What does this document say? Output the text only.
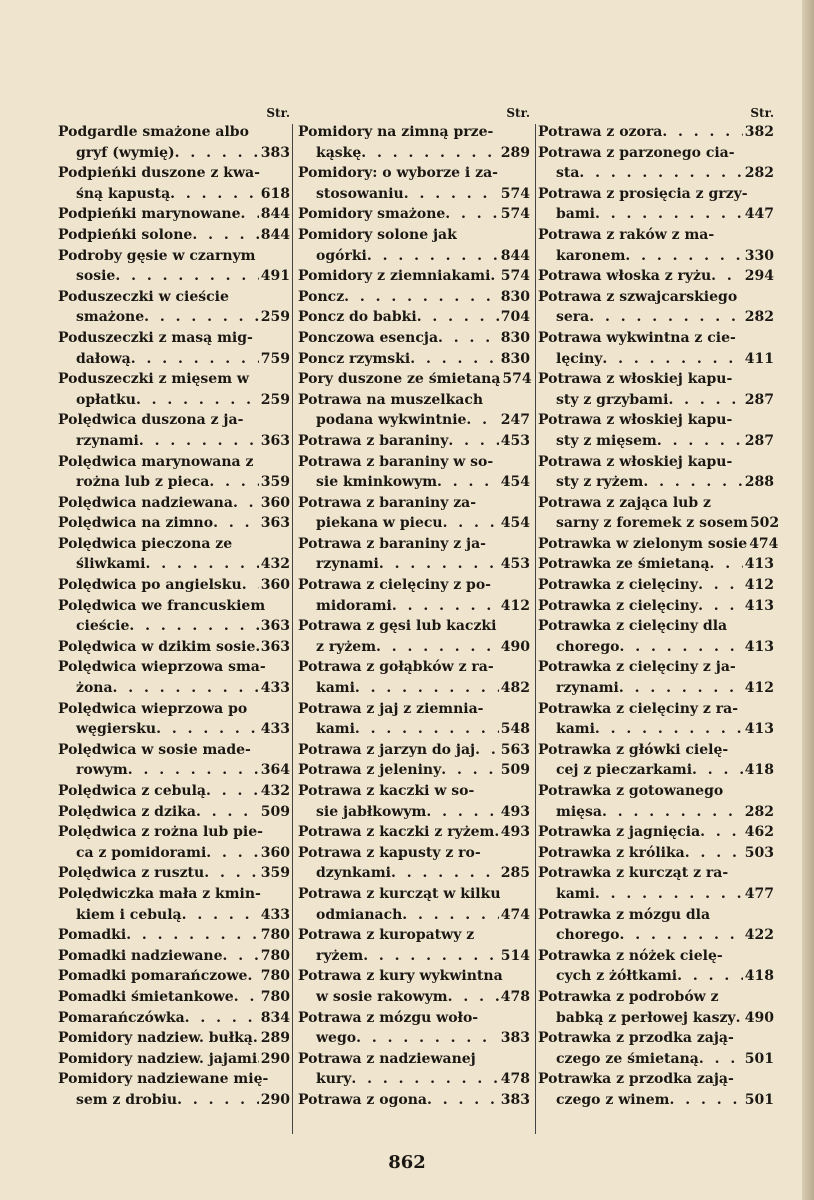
Str.
Podgardle smażone albo
gryf (wymię) . . .	383
Podpieńki duszone z kwa-
śną kapustą . . .	618
Podpieńki marynowane . . . 844
Podpieńki solone . . .	844
Podroby gęsie w czarnym
sosie . . .	491
Poduszeczki w cieście
smażone . . .	259
Poduszeczki z masą mig-
dałową . . .	759
Poduszeczki z mięsem w
opłatku . . .	259
Polędwica duszona z ja-
rzynami . . .	363
Polędwica marynowana z
rożna lub z pieca . . .	359
Polędwica nadziewana . . . 360
Polędwica na zimno . . .	363
Polędwica pieczona ze
śliwkami . . .	432
Polędwica po angielsku . . . 360
Polędwica we francuskiem
cieście . . .	363
Polędwica w dzikim sosie . . . 363
Polędwica wieprzowa sma-
żona . . .	433
Polędwica wieprzowa po
węgiersku . . .	433
Polędwica w sosie made-
rowym . . .	364
Polędwica z cebulą . . .	432
Polędwica z dzika . . .	509
Polędwica z rożna lub pie-
ca z pomidorami . . .	360
Polędwica z rusztu . . .	359
Polędwiczka mała z kmin-
kiem i cebulą . . .	433
Pomadki . . .	780
Pomadki nadziewane . . .	780
Pomadki pomarańczowe . . . 780
Pomadki śmietankowe . . . 780
Pomarańczówka . . .	834
Pomidory nadziew. bułką . . . 289
Pomidory nadziew. jajami . . . 290
Pomidory nadziewane mię-
sem z drobiu . . .	290
Str.
Pomidory na zimną prze-
kąskę . . .	289
Pomidory: o wyborze i za-
stosowaniu . . .	574
Pomidory smażone . . .	574
Pomidory solone jak
ogórki . . .	844
Pomidory z ziemniakami . . . 574
Poncz . . .	830
Poncz do babki . . .	704
Ponczowa esencja . . .	830
Poncz rzymski . . .	830
Pory duszone ze śmietaną 574
Potrawa na muszelkach
podana wykwintnie . . . 247
Potrawa z baraniny . . .	453
Potrawa z baraniny w so-
sie kminkowym . . .	454
Potrawa z baraniny za-
piekana w piecu . . .	454
Potrawa z baraniny z ja-
rzynami . . .	453
Potrawa z cielęciny z po-
midorami . . .	412
Potrawa z gęsi lub kaczki
z ryżem . . .	490
Potrawa z gołąbków z ra-
kami . . .	482
Potrawa z jaj z ziemnia-
kami . . .	548
Potrawa z jarzyn do jaj . . . 563
Potrawa z jeleniny . . .	509
Potrawa z kaczki w so-
sie jabłkowym . . .	493
Potrawa z kaczki z ryżem . . . 493
Potrawa z kapusty z ro-
dzynkami . . .	285
Potrawa z kurcząt w kilku
odmianach . . .	474
Potrawa z kuropatwy z
ryżem . . .	514
Potrawa z kury wykwintna
w sosie rakowym . . .	478
Potrawa z mózgu woło-
wego . . .	383
Potrawa z nadziewanej
kury . . .	478
Potrawa z ogona . . .	383
Str.
Potrawa z ozora . . .	382
Potrawa z parzonego cia-
sta . . .	282
Potrawa z prosięcia z grzy-
bami . . .	447
Potrawa z raków z ma-
karonem . . .	330
Potrawa włoska z ryżu . . . 294
Potrawa z szwajcarskiego
sera . . .	282
Potrawa wykwintna z cie-
lęciny . . .	411
Potrawa z włoskiej kapu-
sty z grzybami . . .	287
Potrawa z włoskiej kapu-
sty z mięsem . . .	287
Potrawa z włoskiej kapu-
sty z ryżem . . .	288
Potrawa z zająca lub z
sarny z foremek z sosem 502
Potrawka w zielonym sosie 474
Potrawka ze śmietaną . . .	413
Potrawka z cielęciny . . .	412
Potrawka z cielęciny . . .	413
Potrawka z cielęciny dla
chorego . . .	413
Potrawka z cielęciny z ja-
rzynami . . .	412
Potrawka z cielęciny z ra-
kami . . .	413
Potrawka z główki cielę-
cej z pieczarkami . . .	418
Potrawka z gotowanego
mięsa . . .	282
Potrawka z jagnięcia . . .	462
Potrawka z królika . . .	503
Potrawka z kurcząt z ra-
kami . . .	477
Potrawka z mózgu dla
chorego . . .	422
Potrawka z nóżek cielę-
cych z żółtkami . . .	418
Potrawka z podrobów z
babką z perłowej kaszy . . . 490
Potrawka z przodka zają-
czego ze śmietaną . . .	501
Potrawka z przodka zają-
czego z winem . . .	501
862
